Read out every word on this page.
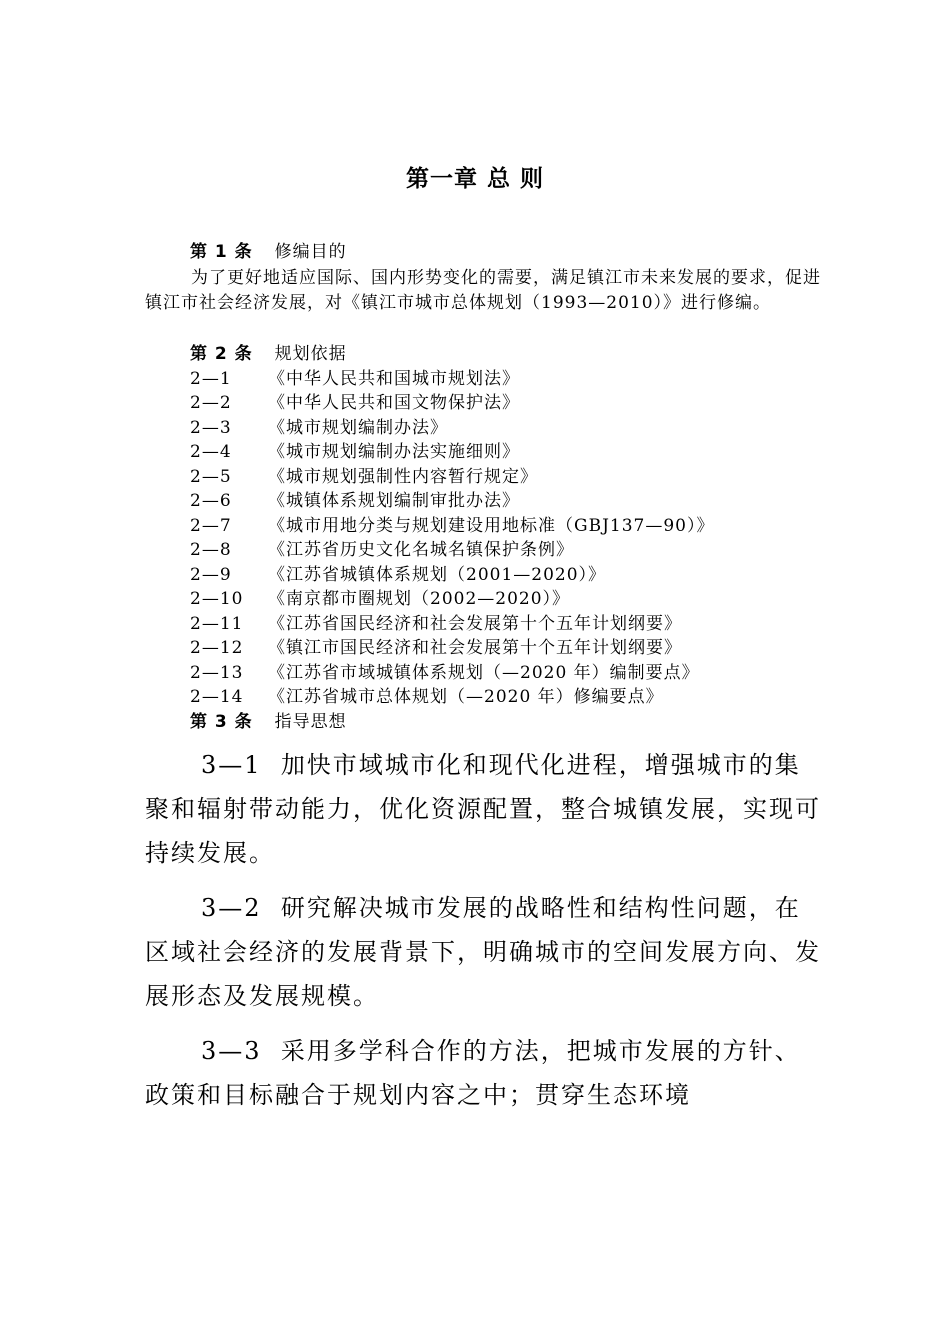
第一章 总 则

第 1 条 修编目的

为了更好地适应国际、国内形势变化的需要，满足镇江市未来发展的要求，促进镇江市社会经济发展，对《镇江市城市总体规划（1993—2010）》进行修编。

第 2 条 规划依据

2—1 《中华人民共和国城市规划法》

2—2 《中华人民共和国文物保护法》

2—3 《城市规划编制办法》

2—4 《城市规划编制办法实施细则》

2—5 《城市规划强制性内容暂行规定》

2—6 《城镇体系规划编制审批办法》

2—7 《城市用地分类与规划建设用地标准（GBJ137—90）》

2—8 《江苏省历史文化名城名镇保护条例》

2—9 《江苏省城镇体系规划（2001—2020）》

2—10 《南京都市圈规划（2002—2020）》

2—11 《江苏省国民经济和社会发展第十个五年计划纲要》

2—12 《镇江市国民经济和社会发展第十个五年计划纲要》

2—13 《江苏省市域城镇体系规划（—2020 年）编制要点》

2—14 《江苏省城市总体规划（—2020 年）修编要点》

第 3 条 指导思想

3—1 加快市域城市化和现代化进程，增强城市的集聚和辐射带动能力，优化资源配置，整合城镇发展，实现可持续发展。

3—2 研究解决城市发展的战略性和结构性问题，在区域社会经济的发展背景下，明确城市的空间发展方向、发展形态及发展规模。

3—3 采用多学科合作的方法，把城市发展的方针、政策和目标融合于规划内容之中；贯穿生态环境
